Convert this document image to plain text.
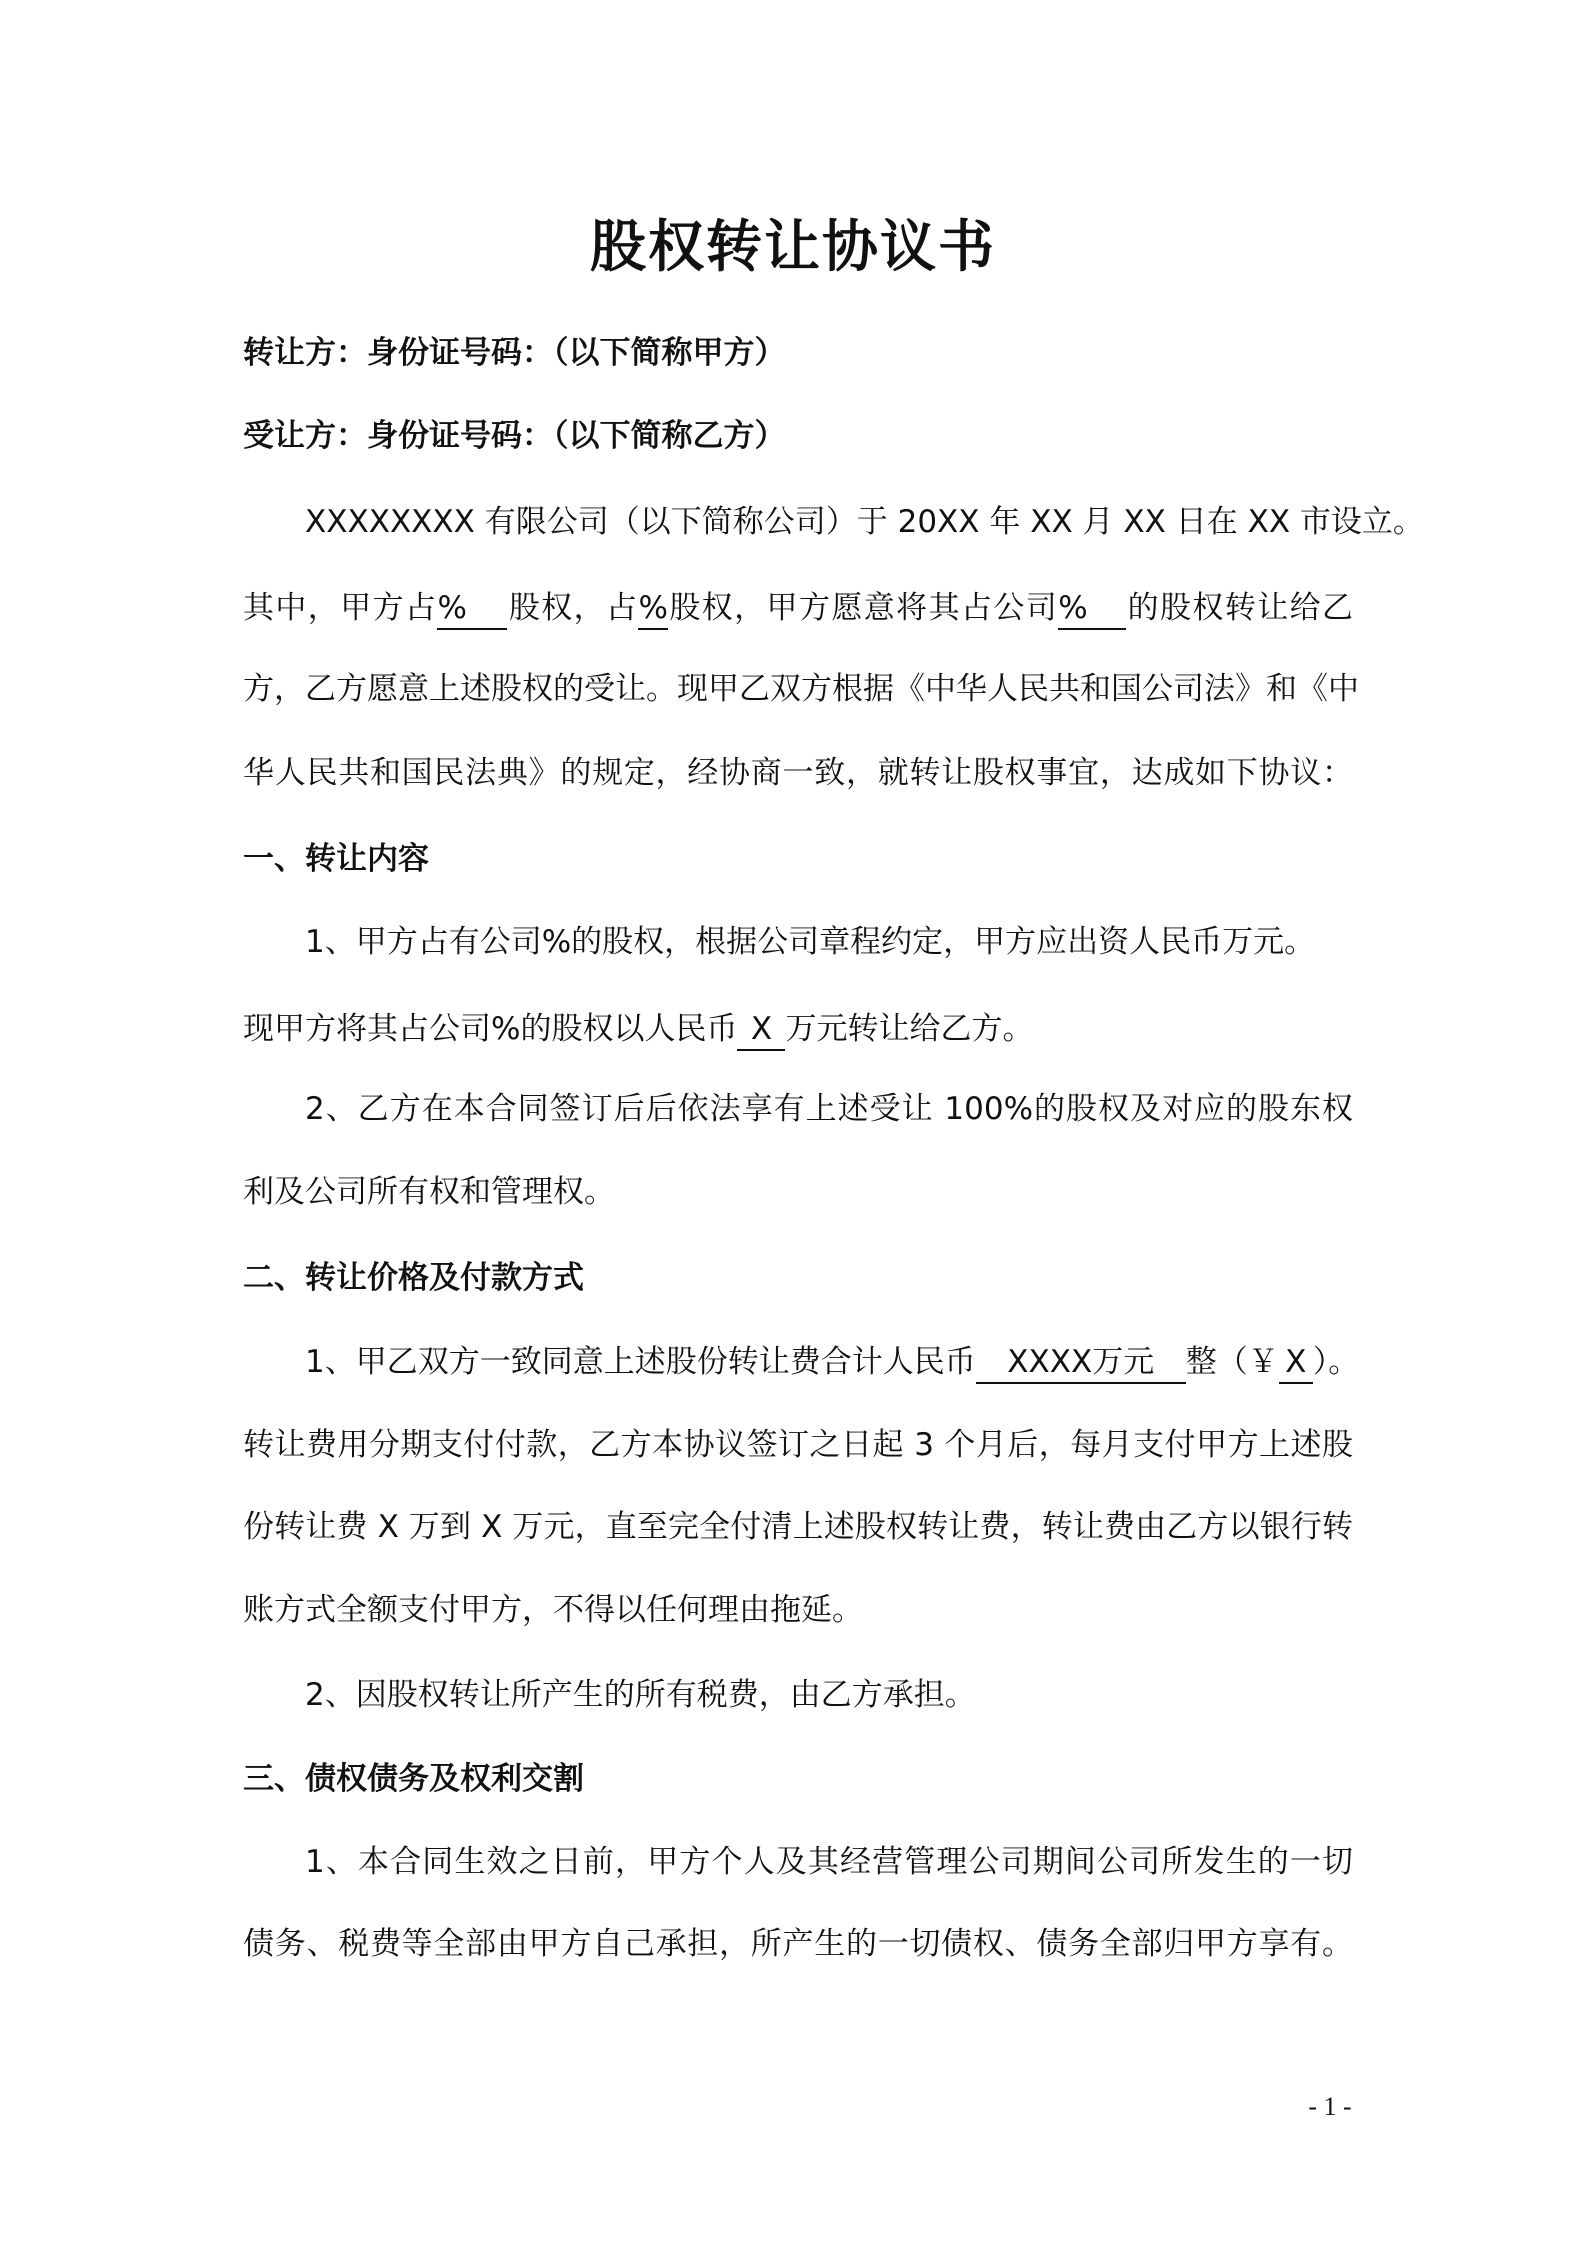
股权转让协议书
转让方：身份证号码：（以下简称甲方）
受让方：身份证号码：（以下简称乙方）
XXXXXXXX 有限公司（以下简称公司）于 20XX 年 XX 月 XX 日在 XX 市设立。
其中，甲方占% 股权，占%股权，甲方愿意将其占公司% 的股权转让给乙
方，乙方愿意上述股权的受让。现甲乙双方根据《中华人民共和国公司法》和《中
华人民共和国民法典》的规定，经协商一致，就转让股权事宜，达成如下协议：
一、转让内容
1、甲方占有公司%的股权，根据公司章程约定，甲方应出资人民币万元。
现甲方将其占公司%的股权以人民币 X 万元转让给乙方。
2、乙方在本合同签订后后依法享有上述受让 100%的股权及对应的股东权
利及公司所有权和管理权。
二、转让价格及付款方式
1、甲乙双方一致同意上述股份转让费合计人民币 XXXX万元 整（￥ X ）。
转让费用分期支付付款，乙方本协议签订之日起 3 个月后，每月支付甲方上述股
份转让费 X 万到 X 万元，直至完全付清上述股权转让费，转让费由乙方以银行转
账方式全额支付甲方，不得以任何理由拖延。
2、因股权转让所产生的所有税费，由乙方承担。
三、债权债务及权利交割
1、本合同生效之日前，甲方个人及其经营管理公司期间公司所发生的一切
债务、税费等全部由甲方自己承担，所产生的一切债权、债务全部归甲方享有。
- 1 -
